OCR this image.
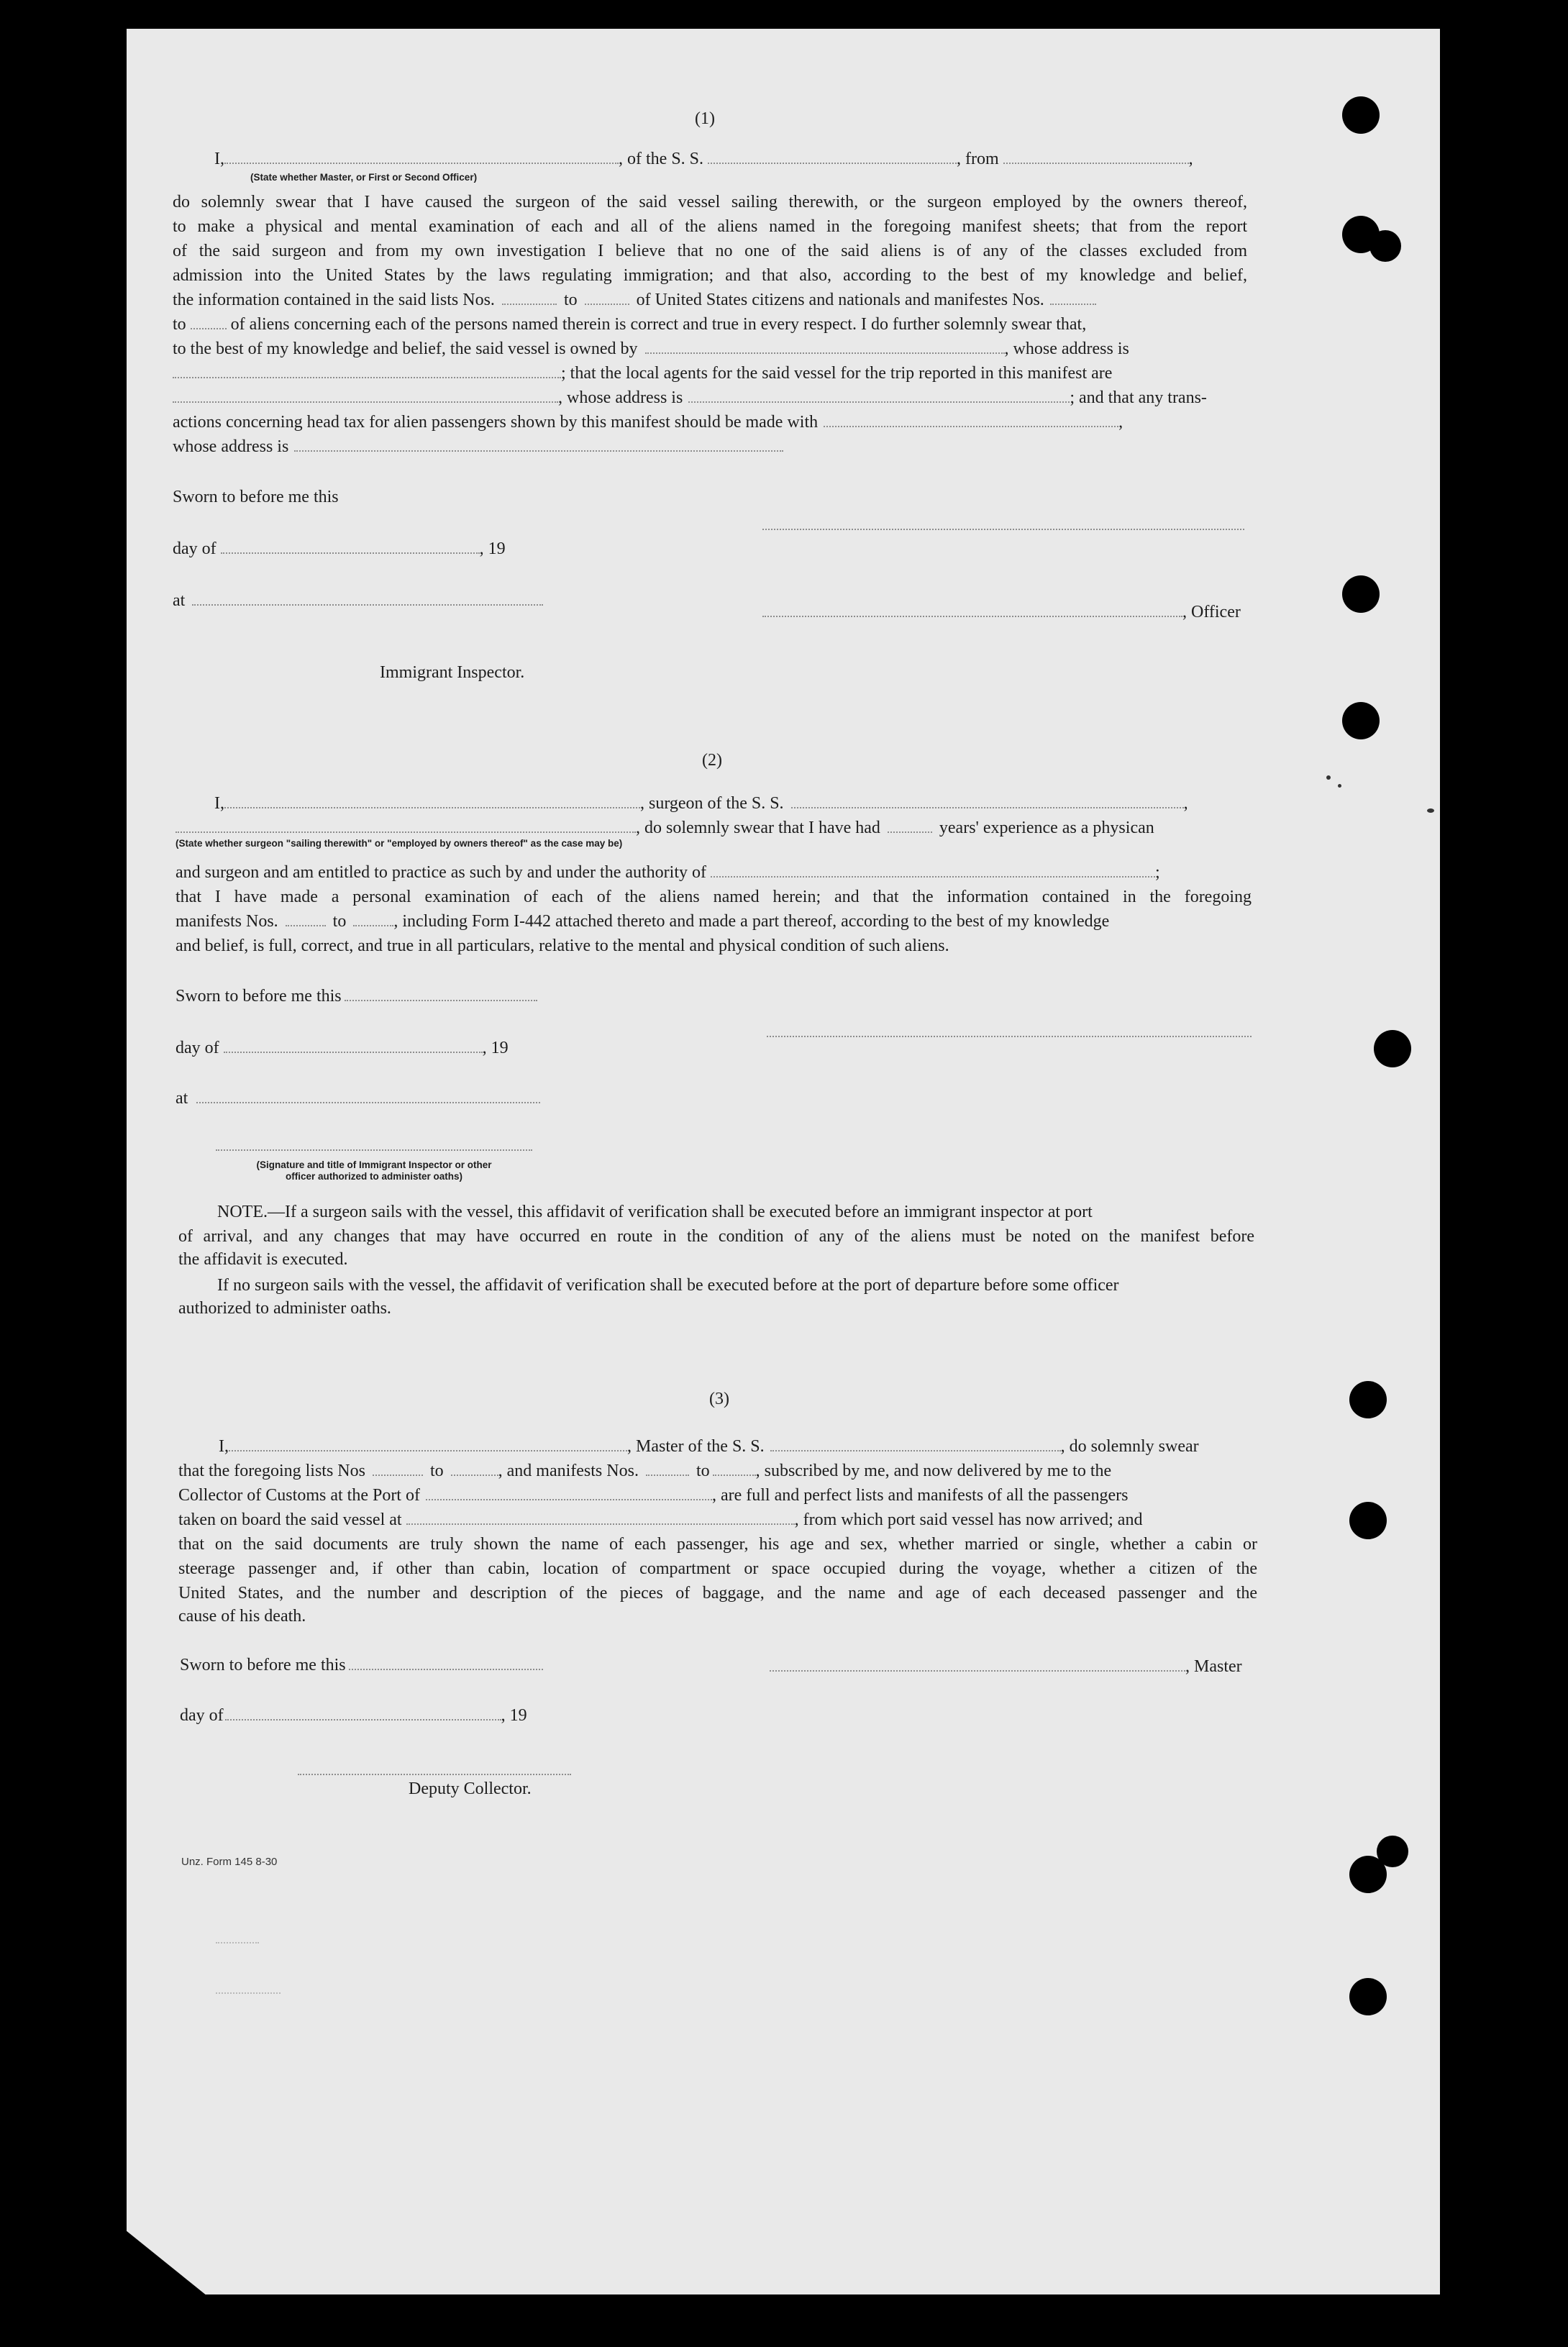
(1)
I,	, of the S. S.	, from	,
(State whether Master, or First or Second Officer)
do solemnly swear that I have caused the surgeon of the said vessel sailing therewith, or the surgeon employed by the owners thereof,
to make a physical and mental examination of each and all of the aliens named in the foregoing manifest sheets; that from the report
of the said surgeon and from my own investigation I believe that no one of the said aliens is of any of the classes excluded from
admission into the United States by the laws regulating immigration; and that also, according to the best of my knowledge and belief,
the information contained in the said lists Nos.	to	of United States citizens and nationals and manifestes Nos.
to	of aliens concerning each of the persons named therein is correct and true in every respect. I do further solemnly swear that,
to the best of my knowledge and belief, the said vessel is owned by	, whose address is
; that the local agents for the said vessel for the trip reported in this manifest are
, whose address is	; and that any trans-
actions concerning head tax for alien passengers shown by this manifest should be made with	,
whose address is
Sworn to before me this
day of	, 19
at
, Officer
Immigrant Inspector.
(2)
I,	, surgeon of the S. S.	,
, do solemnly swear that I have had	years' experience as a physican
(State whether surgeon "sailing therewith" or "employed by owners thereof" as the case may be)
and surgeon and am entitled to practice as such by and under the authority of	;
that I have made a personal examination of each of the aliens named herein; and that the information contained in the foregoing
manifests Nos.	to	, including Form I-442 attached thereto and made a part thereof, according to the best of my knowledge
and belief, is full, correct, and true in all particulars, relative to the mental and physical condition of such aliens.
Sworn to before me this
day of	, 19
at
(Signature and title of Immigrant Inspector or other
officer authorized to administer oaths)
NOTE.—If a surgeon sails with the vessel, this affidavit of verification shall be executed before an immigrant inspector at port
of arrival, and any changes that may have occurred en route in the condition of any of the aliens must be noted on the manifest before
the affidavit is executed.
If no surgeon sails with the vessel, the affidavit of verification shall be executed before at the port of departure before some officer
authorized to administer oaths.
(3)
I,	, Master of the S. S.	, do solemnly swear
that the foregoing lists Nos	to	, and manifests Nos.	to	, subscribed by me, and now delivered by me to the
Collector of Customs at the Port of	, are full and perfect lists and manifests of all the passengers
taken on board the said vessel at	, from which port said vessel has now arrived; and
that on the said documents are truly shown the name of each passenger, his age and sex, whether married or single, whether a cabin or
steerage passenger and, if other than cabin, location of compartment or space occupied during the voyage, whether a citizen of the
United States, and the number and description of the pieces of baggage, and the name and age of each deceased passenger and the
cause of his death.
Sworn to before me this	, Master
day of	, 19
Deputy Collector.
Unz. Form 145 8-30
